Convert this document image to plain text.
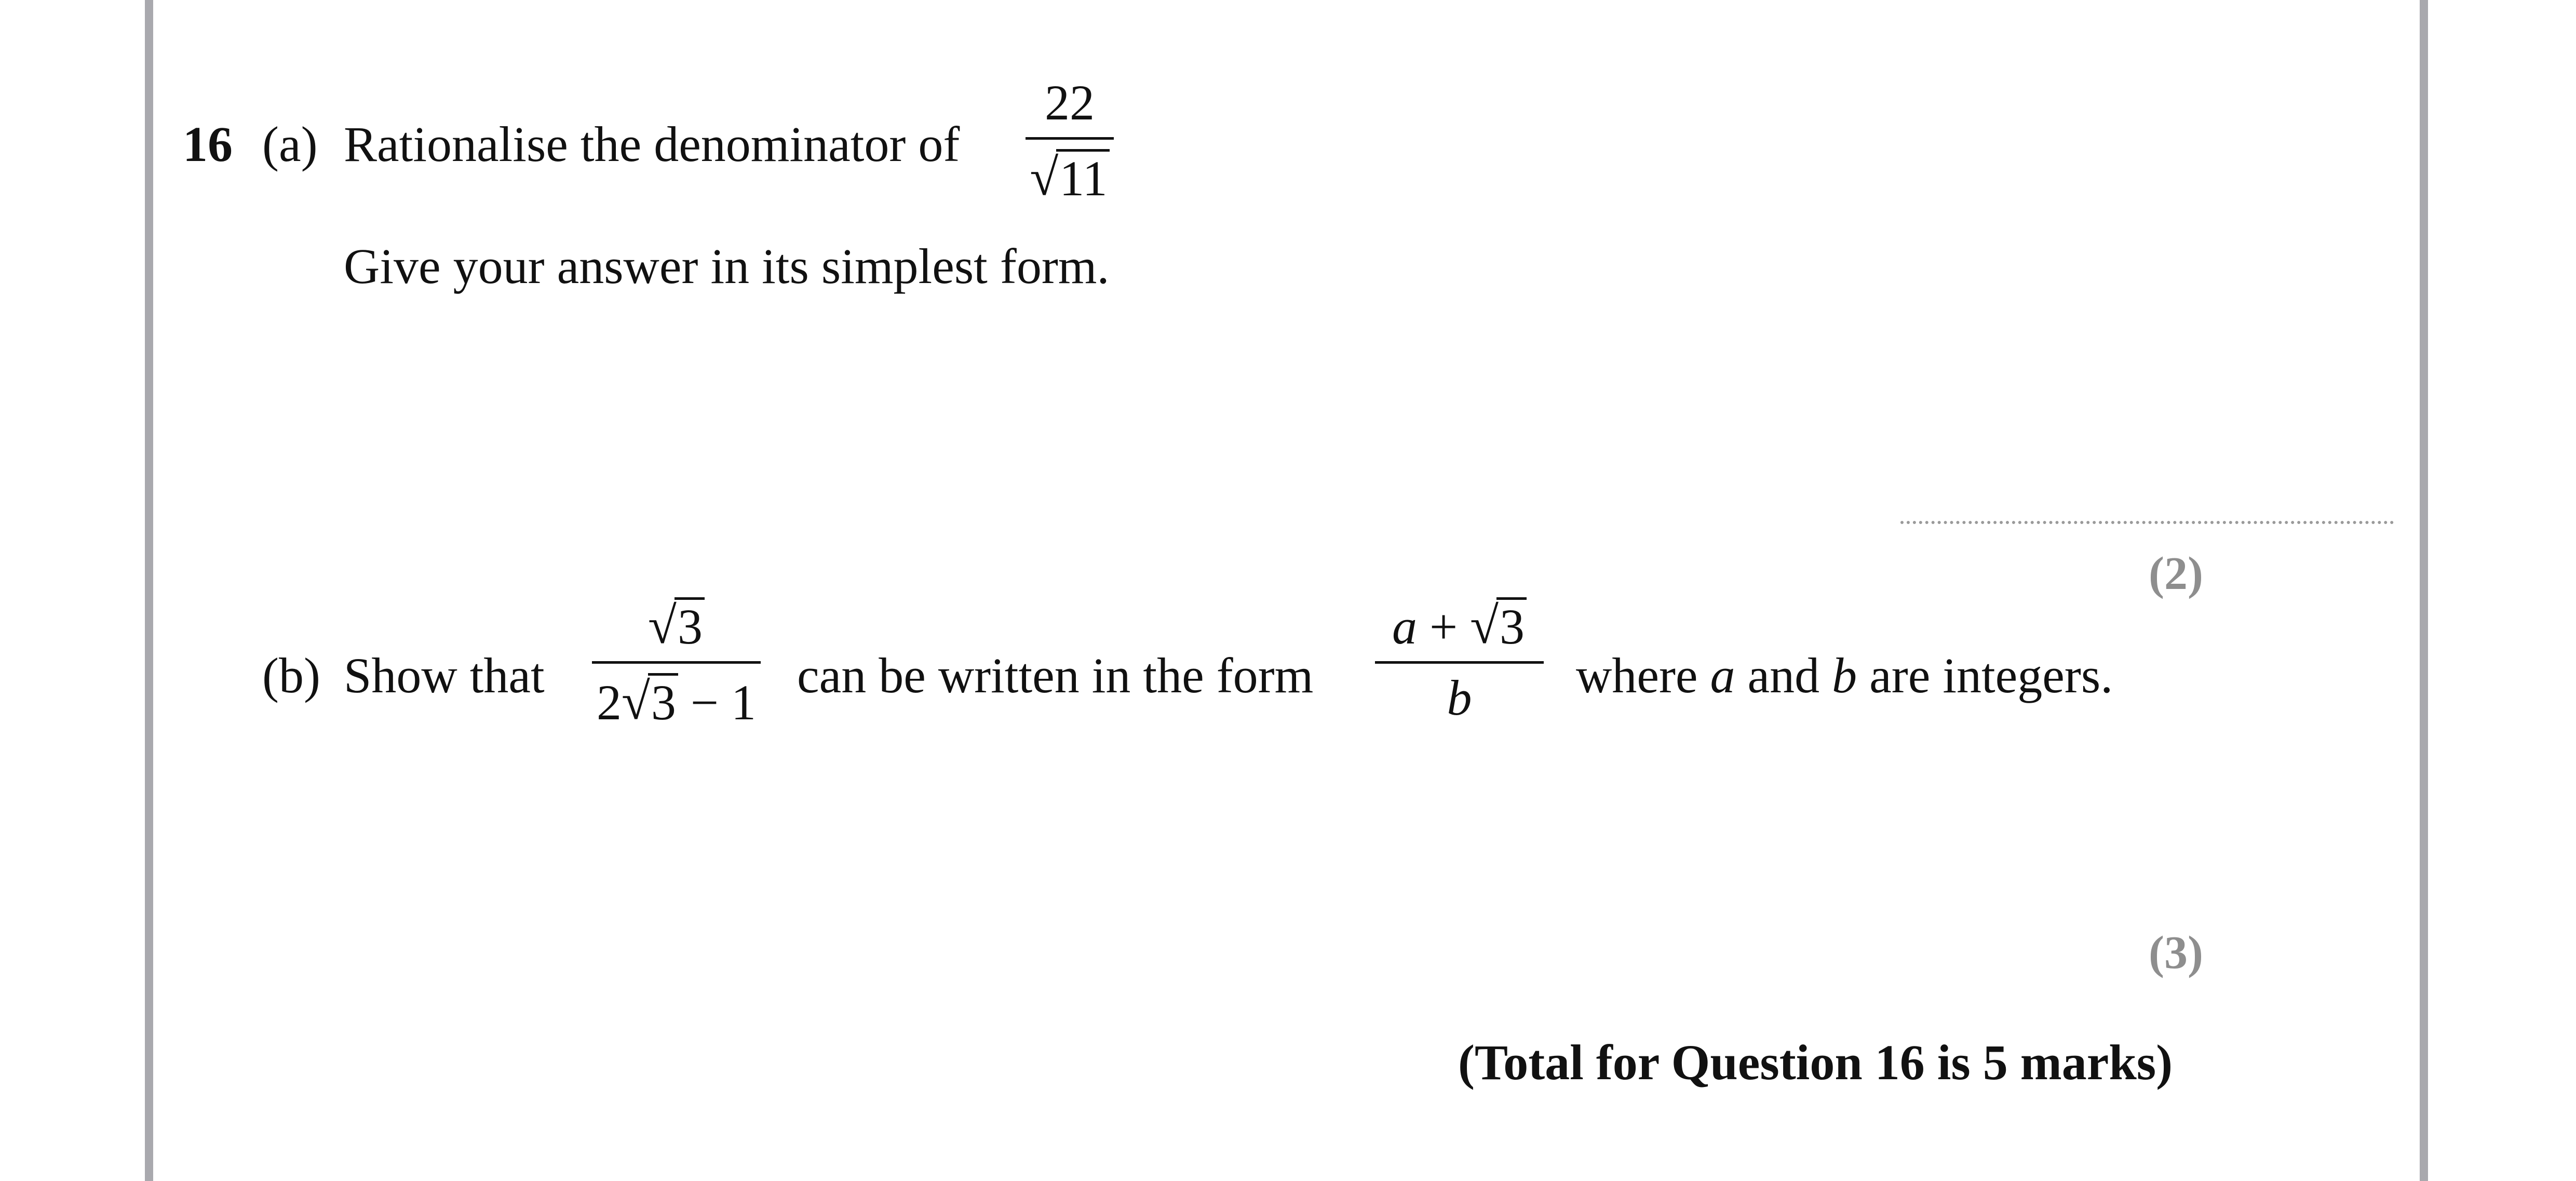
16 (a) Rationalise the denominator of
22
√ 11
Give your answer in its simplest form.
(2)
(b) Show that
√ 3
2 √ 3 − 1 can be written in the form
a + √ 3
b where a and b are integers.
(3)
(Total for Question 16 is 5 marks)
